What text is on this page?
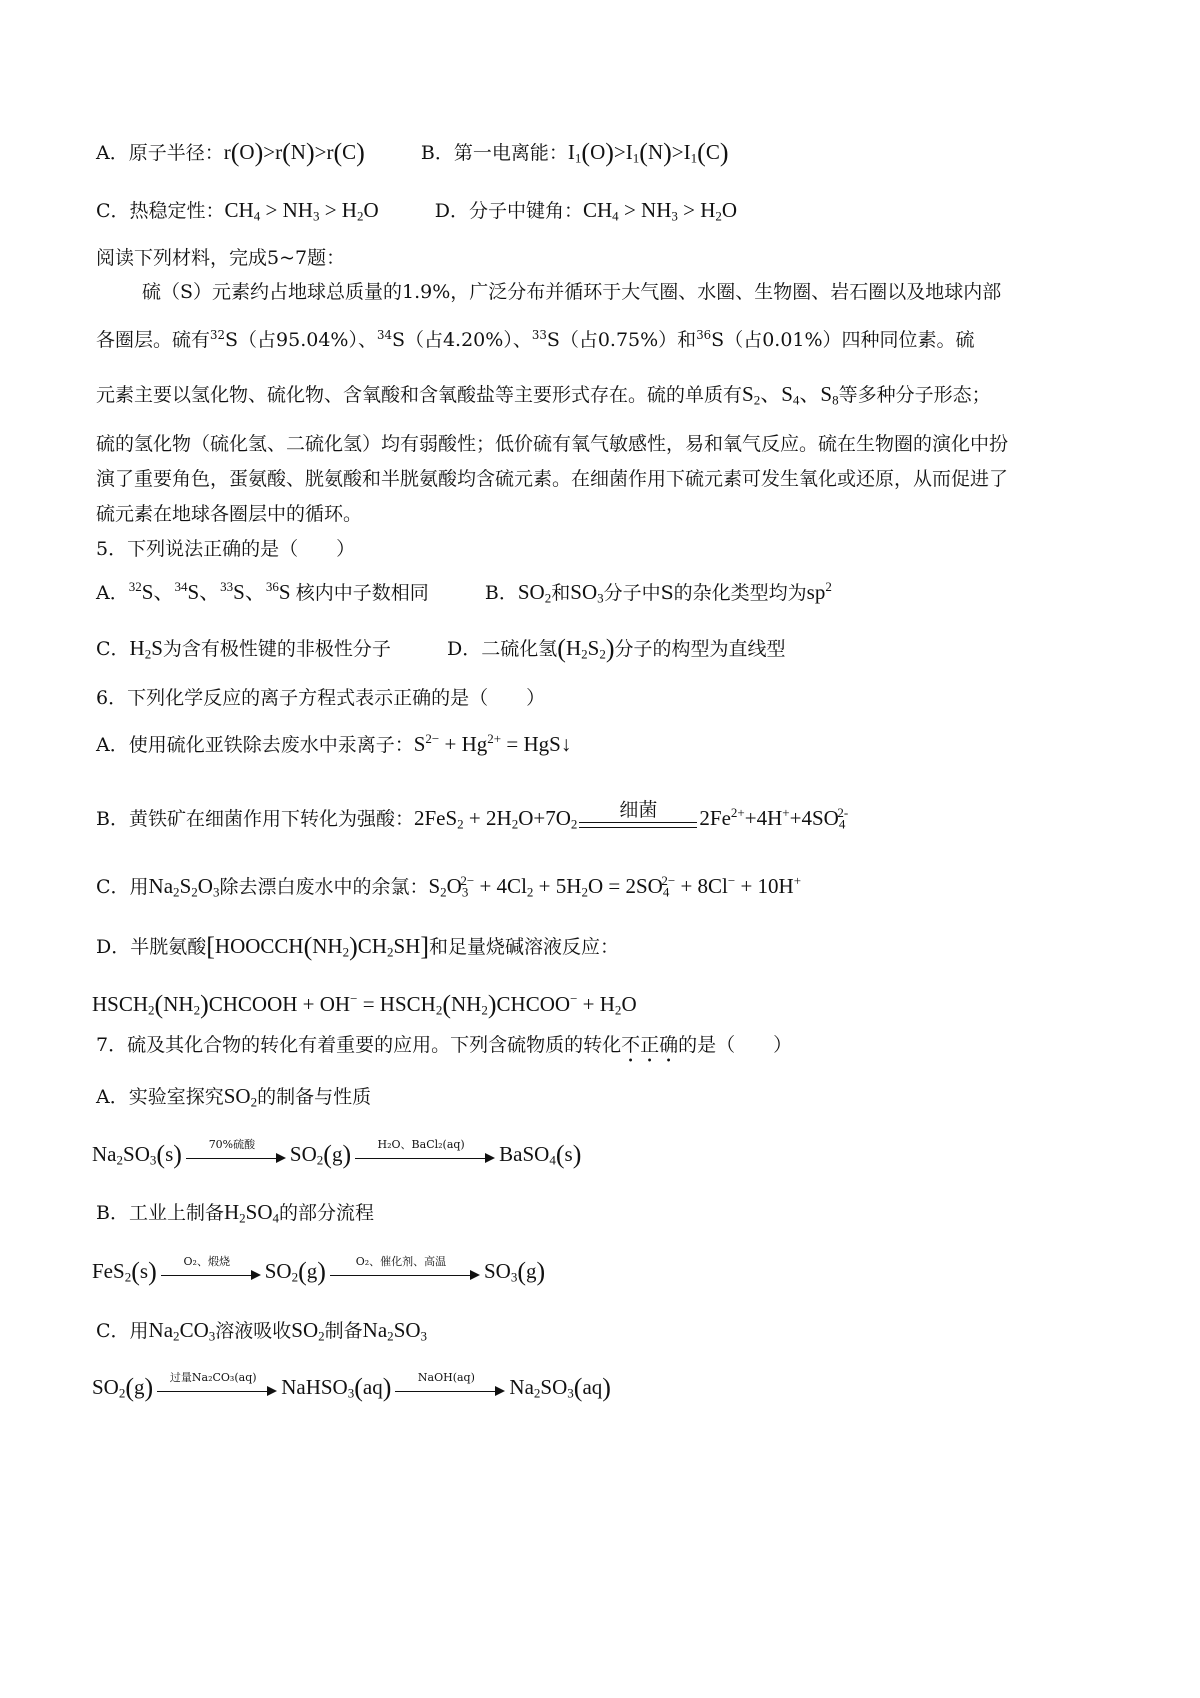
A．原子半径：r(O)>r(N)>r(C)	B．第一电离能：$I_1(O)>I_1(N)>I_1(C)$
C．热稳定性：$CH_4 > NH_3 > H_2O$	D．分子中键角：$CH_4 > NH_3 > H_2O$
阅读下列材料，完成5~7题：
硫（S）元素约占地球总质量的1.9%，广泛分布并循环于大气圈、水圈、生物圈、岩石圈以及地球内部
各圈层。硫有$^{32}$S（占95.04%）、$^{34}$S（占4.20%）、$^{33}$S（占0.75%）和$^{36}$S（占0.01%）四种同位素。硫
元素主要以氢化物、硫化物、含氧酸和含氧酸盐等主要形式存在。硫的单质有$S_2$、$S_4$、$S_8$等多种分子形态；
硫的氢化物（硫化氢、二硫化氢）均有弱酸性；低价硫有氧气敏感性，易和氧气反应。硫在生物圈的演化中扮
演了重要角色，蛋氨酸、胱氨酸和半胱氨酸均含硫元素。在细菌作用下硫元素可发生氧化或还原，从而促进了
硫元素在地球各圈层中的循环。
5．下列说法正确的是（　　）
A．$^{32}$S、$^{34}$S、$^{33}$S、$^{36}$S 核内中子数相同	B．$SO_2$和$SO_3$分子中S的杂化类型均为$sp^2$
C．$H_2S$为含有极性键的非极性分子	D．二硫化氢$(H_2S_2)$分子的构型为直线型
6．下列化学反应的离子方程式表示正确的是（　　）
A．使用硫化亚铁除去废水中汞离子：$S^{2-} + Hg^{2+}$ = HgS↓
B．黄铁矿在细菌作用下转化为强酸：$2FeS_2 + 2H_2O+7O_2$
细菌	$2Fe^{2+}+4H^++4SO_4^{2-}$
C．用$Na_2S_2O_3$除去漂白废水中的余氯：$S_2O_3^{2-} + 4Cl_2 + 5H_2O = 2SO_4^{2-} + 8Cl^- + 10H^+$
D．半胱氨酸$[HOOCCH(NH_2)CH_2SH]$和足量烧碱溶液反应：
$HSCH_2(NH_2)CHCOOH + OH^-$ = $HSCH_2(NH_2)CHCOO^- + H_2O$
7．硫及其化合物的转化有着重要的应用。下列含硫物质的转化不正确的是（　　）
A．实验室探究$SO_2$的制备与性质
$Na_2SO_3(s)$	70%硫酸	$SO_2(g)$	H₂O、BaCl₂(aq)	BaSO$_4$(s)
B．工业上制备$H_2SO_4$的部分流程
FeS$_2$(s)	O₂、煅烧	$SO_2(g)$	O₂、催化剂、高温	$SO_3(g)$
C．用$Na_2CO_3$溶液吸收$SO_2$制备$Na_2SO_3$
$SO_2(g)$	过量Na₂CO₃(aq)	NaHSO$_3$(aq)	NaOH(aq)	$Na_2SO_3(aq)$
